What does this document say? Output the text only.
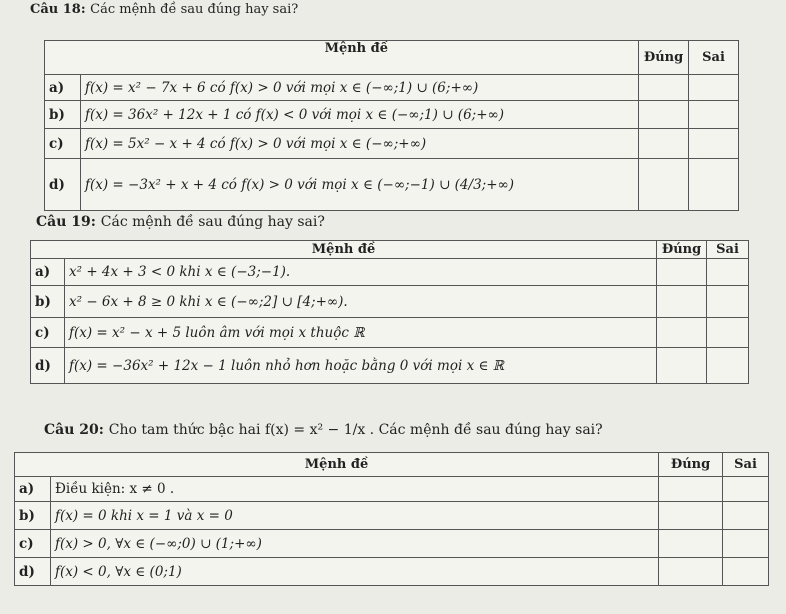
Câu 18: Các mệnh đề sau đúng hay sai?
Mệnh đề		Đúng	Sai
a)	f(x) = x² − 7x + 6 có f(x) > 0 với mọi x ∈ (−∞;1) ∪ (6;+∞)		
b)	f(x) = 36x² + 12x + 1 có f(x) < 0 với mọi x ∈ (−∞;1) ∪ (6;+∞)		
c)	f(x) = 5x² − x + 4 có f(x) > 0 với mọi x ∈ (−∞;+∞)		
d)	f(x) = −3x² + x + 4 có f(x) > 0 với mọi x ∈ (−∞;−1) ∪ (4/3;+∞)		
Câu 19: Các mệnh đề sau đúng hay sai?
Mệnh đề		Đúng	Sai
a)	x² + 4x + 3 < 0 khi x ∈ (−3;−1).		
b)	x² − 6x + 8 ≥ 0 khi x ∈ (−∞;2] ∪ [4;+∞).		
c)	f(x) = x² − x + 5 luôn âm với mọi x thuộc ℝ		
d)	f(x) = −36x² + 12x − 1 luôn nhỏ hơn hoặc bằng 0 với mọi x ∈ ℝ		
Câu 20: Cho tam thức bậc hai f(x) = x² − 1/x . Các mệnh đề sau đúng hay sai?
Mệnh đề		Đúng	Sai
a)	Điều kiện: x ≠ 0 .		
b)	f(x) = 0 khi x = 1 và x = 0		
c)	f(x) > 0, ∀x ∈ (−∞;0) ∪ (1;+∞)		
d)	f(x) < 0, ∀x ∈ (0;1)		
